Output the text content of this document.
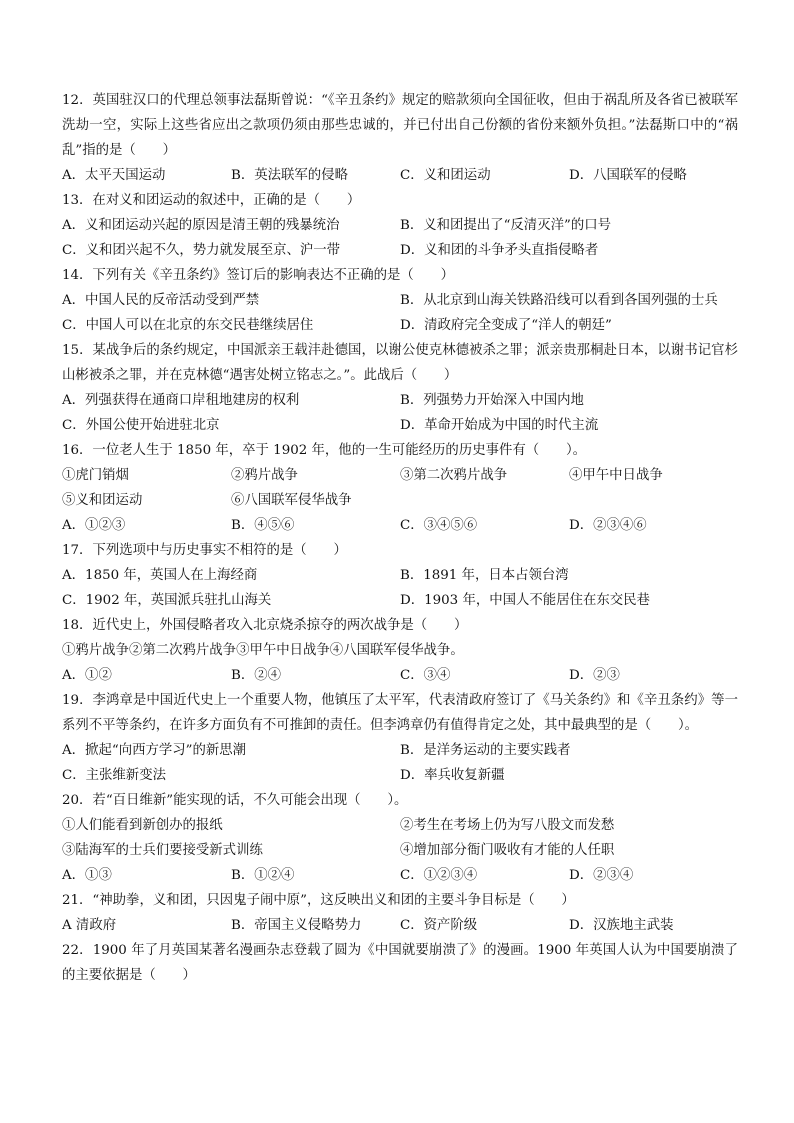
12．英国驻汉口的代理总领事法磊斯曾说：“《辛丑条约》规定的赔款须向全国征收，但由于祸乱所及各省已被联军洗劫一空，实际上这些省应出之款项仍须由那些忠诚的，并已付出自己份额的省份来额外负担。”法磊斯口中的“祸乱”指的是（　　）
A．太平天国运动	B．英法联军的侵略	C．义和团运动	D．八国联军的侵略
13．在对义和团运动的叙述中，正确的是（　　）
A．义和团运动兴起的原因是清王朝的残暴统治	B．义和团提出了“反清灭洋”的口号
C．义和团兴起不久，势力就发展至京、沪一带	D．义和团的斗争矛头直指侵略者
14．下列有关《辛丑条约》签订后的影响表达不正确的是（　　）
A．中国人民的反帝活动受到严禁	B．从北京到山海关铁路沿线可以看到各国列强的士兵
C．中国人可以在北京的东交民巷继续居住	D．清政府完全变成了“洋人的朝廷”
15．某战争后的条约规定，中国派亲王载沣赴德国，以谢公使克林德被杀之罪；派亲贵那桐赴日本，以谢书记官杉山彬被杀之罪，并在克林德“遇害处树立铭志之。”。此战后（　　）
A．列强获得在通商口岸租地建房的权利	B．列强势力开始深入中国内地
C．外国公使开始进驻北京	D．革命开始成为中国的时代主流
16．一位老人生于 1850 年，卒于 1902 年，他的一生可能经历的历史事件有（　　）。
①虎门销烟	②鸦片战争	③第二次鸦片战争	④甲午中日战争
⑤义和团运动	⑥八国联军侵华战争
A．①②③	B．④⑤⑥	C．③④⑤⑥	D．②③④⑥
17．下列选项中与历史事实不相符的是（　　）
A．1850 年，英国人在上海经商	B．1891 年，日本占领台湾
C．1902 年，英国派兵驻扎山海关	D．1903 年，中国人不能居住在东交民巷
18．近代史上，外国侵略者攻入北京烧杀掠夺的两次战争是（　　）
①鸦片战争②第二次鸦片战争③甲午中日战争④八国联军侵华战争。
A．①②	B．②④	C．③④	D．②③
19．李鸿章是中国近代史上一个重要人物，他镇压了太平军，代表清政府签订了《马关条约》和《辛丑条约》等一系列不平等条约，在许多方面负有不可推卸的责任。但李鸿章仍有值得肯定之处，其中最典型的是（　　）。
A．掀起“向西方学习”的新思潮	B．是洋务运动的主要实践者
C．主张维新变法	D．率兵收复新疆
20．若“百日维新”能实现的话，不久可能会出现（　　）。
①人们能看到新创办的报纸	②考生在考场上仍为写八股文而发愁
③陆海军的士兵们要接受新式训练	④增加部分衙门吸收有才能的人任职
A．①③	B．①②④	C．①②③④	D．②③④
21．“神助拳，义和团，只因鬼子闹中原”，这反映出义和团的主要斗争目标是（　　）
A 清政府	B．帝国主义侵略势力	C．资产阶级	D．汉族地主武装
22．1900 年了月英国某著名漫画杂志登载了圆为《中国就要崩溃了》的漫画。1900 年英国人认为中国要崩溃了的主要依据是（　　）
